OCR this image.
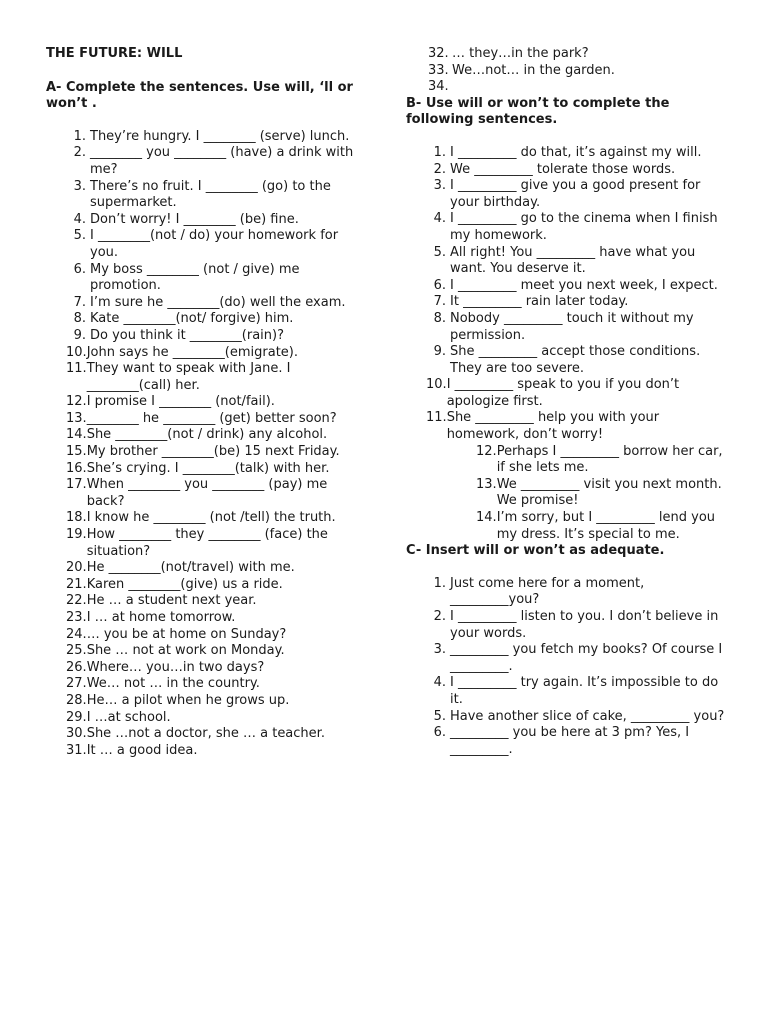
THE FUTURE: WILL

A- Complete the sentences. Use will, ‘ll or won’t .

1. They’re hungry. I ________ (serve) lunch.
2. ________ you ________ (have) a drink with me?
3. There’s no fruit. I ________ (go) to the supermarket.
4. Don’t worry! I ________ (be) fine.
5. I ________(not / do) your homework for you.
6. My boss ________ (not / give) me promotion.
7. I’m sure he ________(do) well the exam.
8. Kate ________(not/ forgive) him.
9. Do you think it ________(rain)?
10. John says he ________(emigrate).
11. They want to speak with Jane. I ________(call) her.
12. I promise I ________ (not/fail).
13. ________ he ________ (get) better soon?
14. She ________(not / drink) any alcohol.
15. My brother ________(be) 15 next Friday.
16. She’s crying. I ________(talk) with her.
17. When ________ you ________ (pay) me back?
18. I know he ________ (not /tell) the truth.
19. How ________ they ________ (face) the situation?
20. He ________(not/travel) with me.
21. Karen ________(give) us a ride.
22. He … a student next year.
23. I … at home tomorrow.
24. … you be at home on Sunday?
25. She … not at work on Monday.
26. Where… you…in two days?
27. We… not … in the country.
28. He… a pilot when he grows up.
29. I …at school.
30. She …not a doctor, she … a teacher.
31. It … a good idea.
32. … they…in the park?
33. We…not… in the garden.
34.

B- Use will or won’t to complete the following sentences.

1. I _________ do that, it’s against my will.
2. We _________ tolerate those words.
3. I _________ give you a good present for your birthday.
4. I _________ go to the cinema when I finish my homework.
5. All right! You _________ have what you want. You deserve it.
6. I _________ meet you next week, I expect.
7. It _________ rain later today.
8. Nobody _________ touch it without my permission.
9. She _________ accept those conditions. They are too severe.
10. I _________ speak to you if you don’t apologize first.
11. She _________ help you with your homework, don’t worry!
12. Perhaps I _________ borrow her car, if she lets me.
13. We _________ visit you next month. We promise!
14. I’m sorry, but I _________ lend you my dress. It’s special to me.

C- Insert will or won’t as adequate.

1. Just come here for a moment, _________you?
2. I _________ listen to you. I don’t believe in your words.
3. _________ you fetch my books? Of course I _________.
4. I _________ try again. It’s impossible to do it.
5. Have another slice of cake, _________ you?
6. _________ you be here at 3 pm? Yes, I _________.
